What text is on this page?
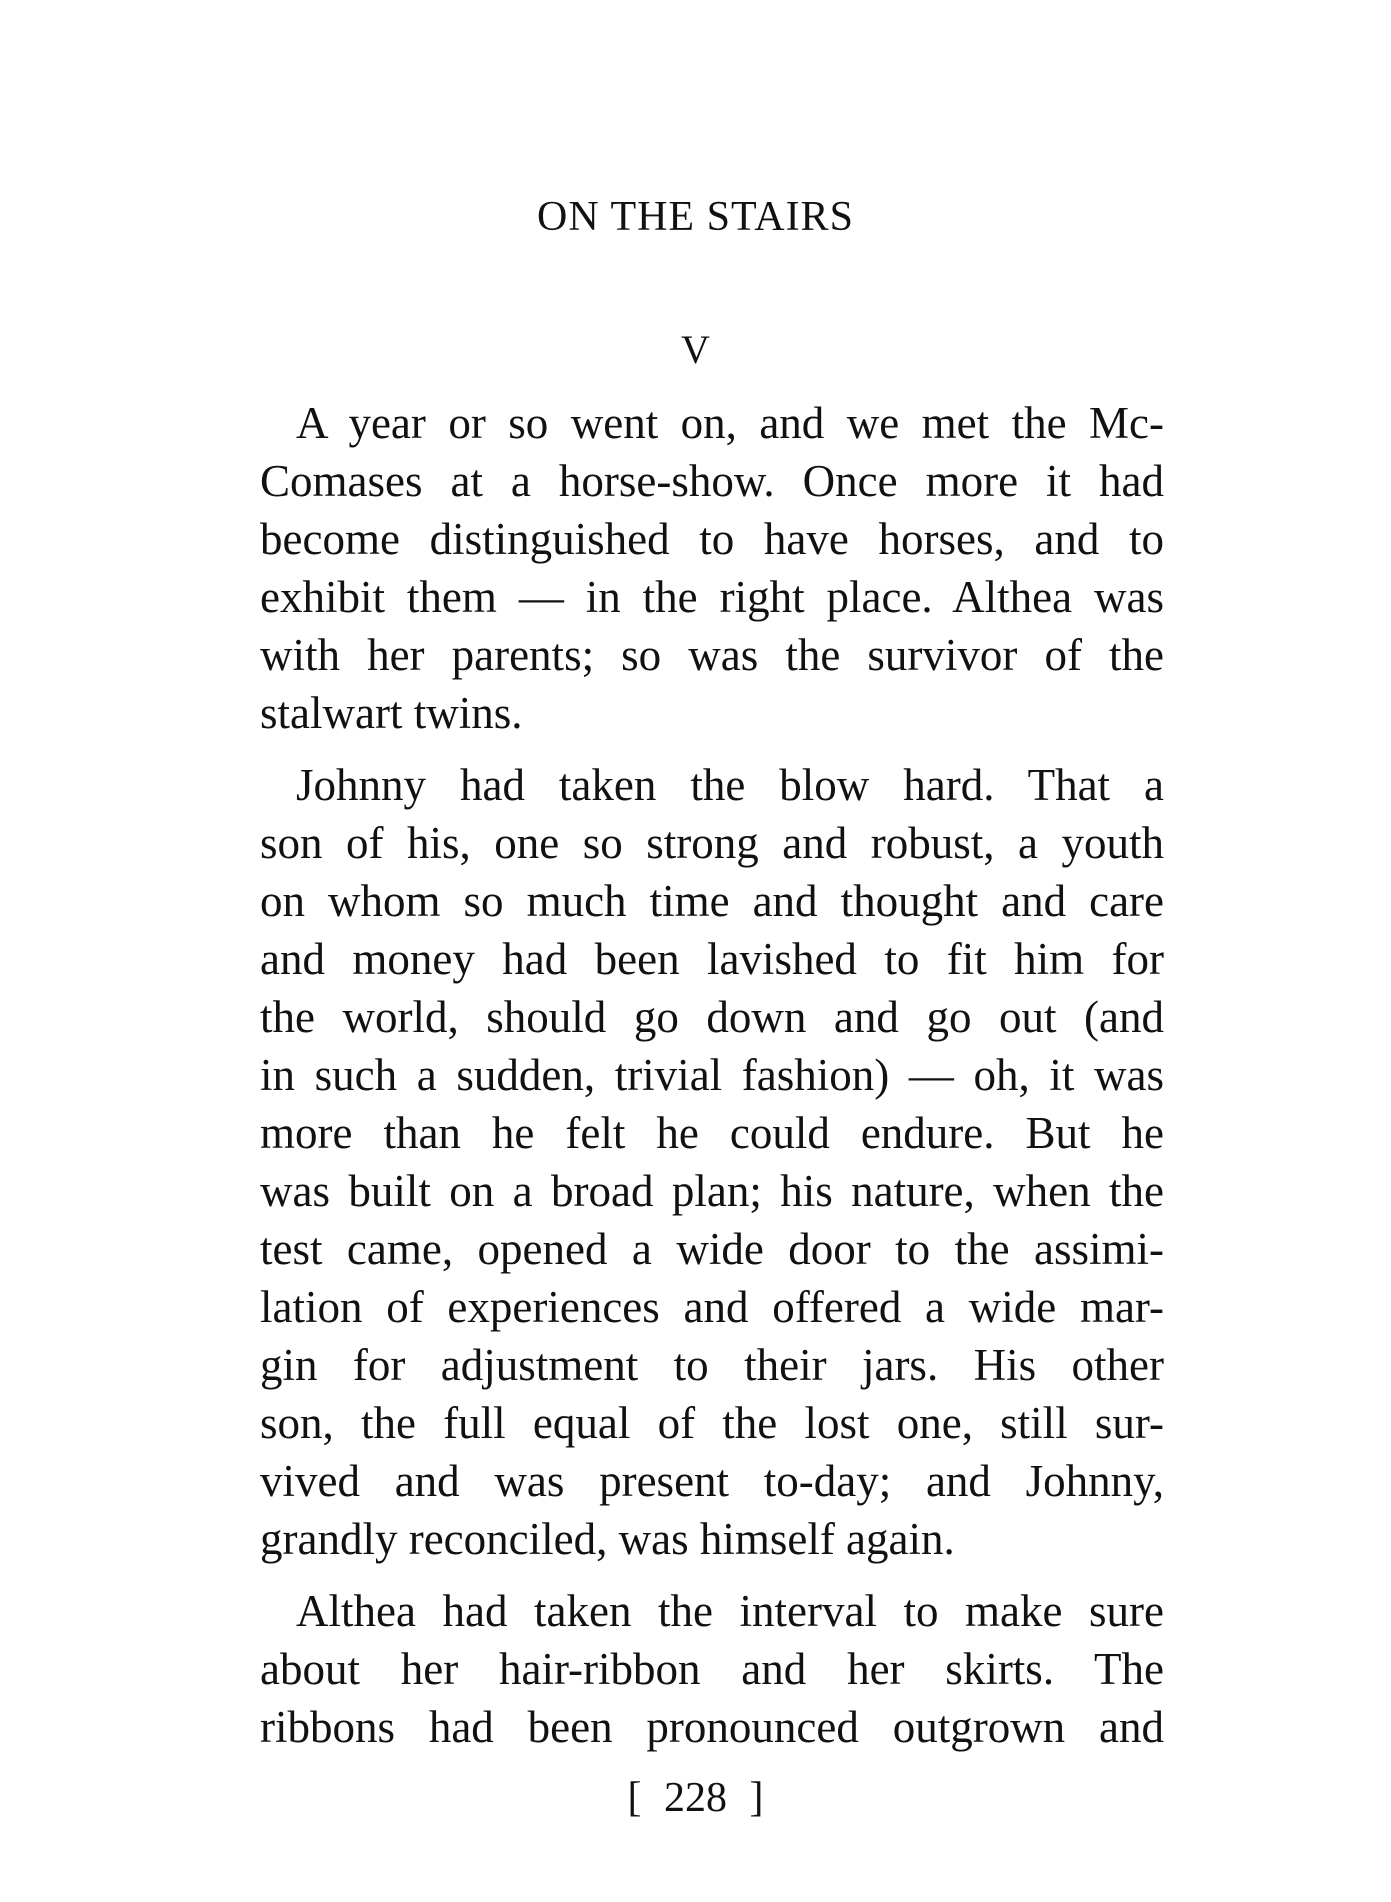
ON THE STAIRS
V
A year or so went on, and we met the Mc-
Comases at a horse-show. Once more it had
become distinguished to have horses, and to
exhibit them — in the right place. Althea was
with her parents; so was the survivor of the
stalwart twins.
Johnny had taken the blow hard. That a
son of his, one so strong and robust, a youth
on whom so much time and thought and care
and money had been lavished to fit him for
the world, should go down and go out (and
in such a sudden, trivial fashion) — oh, it was
more than he felt he could endure. But he
was built on a broad plan; his nature, when the
test came, opened a wide door to the assimi-
lation of experiences and offered a wide mar-
gin for adjustment to their jars. His other
son, the full equal of the lost one, still sur-
vived and was present to-day; and Johnny,
grandly reconciled, was himself again.
Althea had taken the interval to make sure
about her hair-ribbon and her skirts. The
ribbons had been pronounced outgrown and
[ 228 ]
